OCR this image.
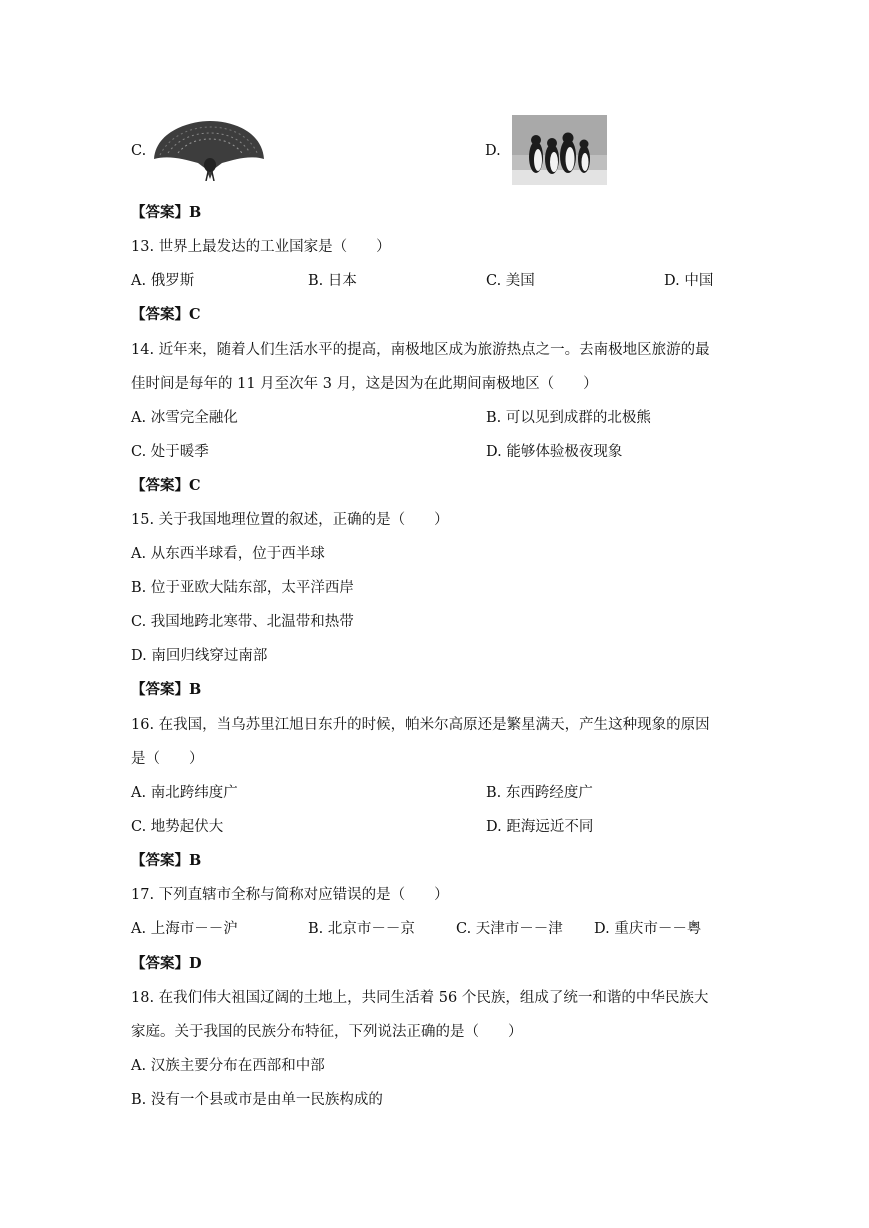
C.	D.
【答案】B
13. 世界上最发达的工业国家是（　　）
A. 俄罗斯	B. 日本	C. 美国	D. 中国
【答案】C
14. 近年来，随着人们生活水平的提高，南极地区成为旅游热点之一。去南极地区旅游的最
佳时间是每年的 11 月至次年 3 月，这是因为在此期间南极地区（　　）
A. 冰雪完全融化	B. 可以见到成群的北极熊
C. 处于暖季	D. 能够体验极夜现象
【答案】C
15. 关于我国地理位置的叙述，正确的是（　　）
A. 从东西半球看，位于西半球
B. 位于亚欧大陆东部，太平洋西岸
C. 我国地跨北寒带、北温带和热带
D. 南回归线穿过南部
【答案】B
16. 在我国，当乌苏里江旭日东升的时候，帕米尔高原还是繁星满天，产生这种现象的原因
是（　　）
A. 南北跨纬度广	B. 东西跨经度广
C. 地势起伏大	D. 距海远近不同
【答案】B
17. 下列直辖市全称与简称对应错误的是（　　）
A. 上海市－－沪	B. 北京市－－京	C. 天津市－－津 D. 重庆市－－粤
【答案】D
18. 在我们伟大祖国辽阔的土地上，共同生活着 56 个民族，组成了统一和谐的中华民族大
家庭。关于我国的民族分布特征，下列说法正确的是（　　）
A. 汉族主要分布在西部和中部
B. 没有一个县或市是由单一民族构成的
